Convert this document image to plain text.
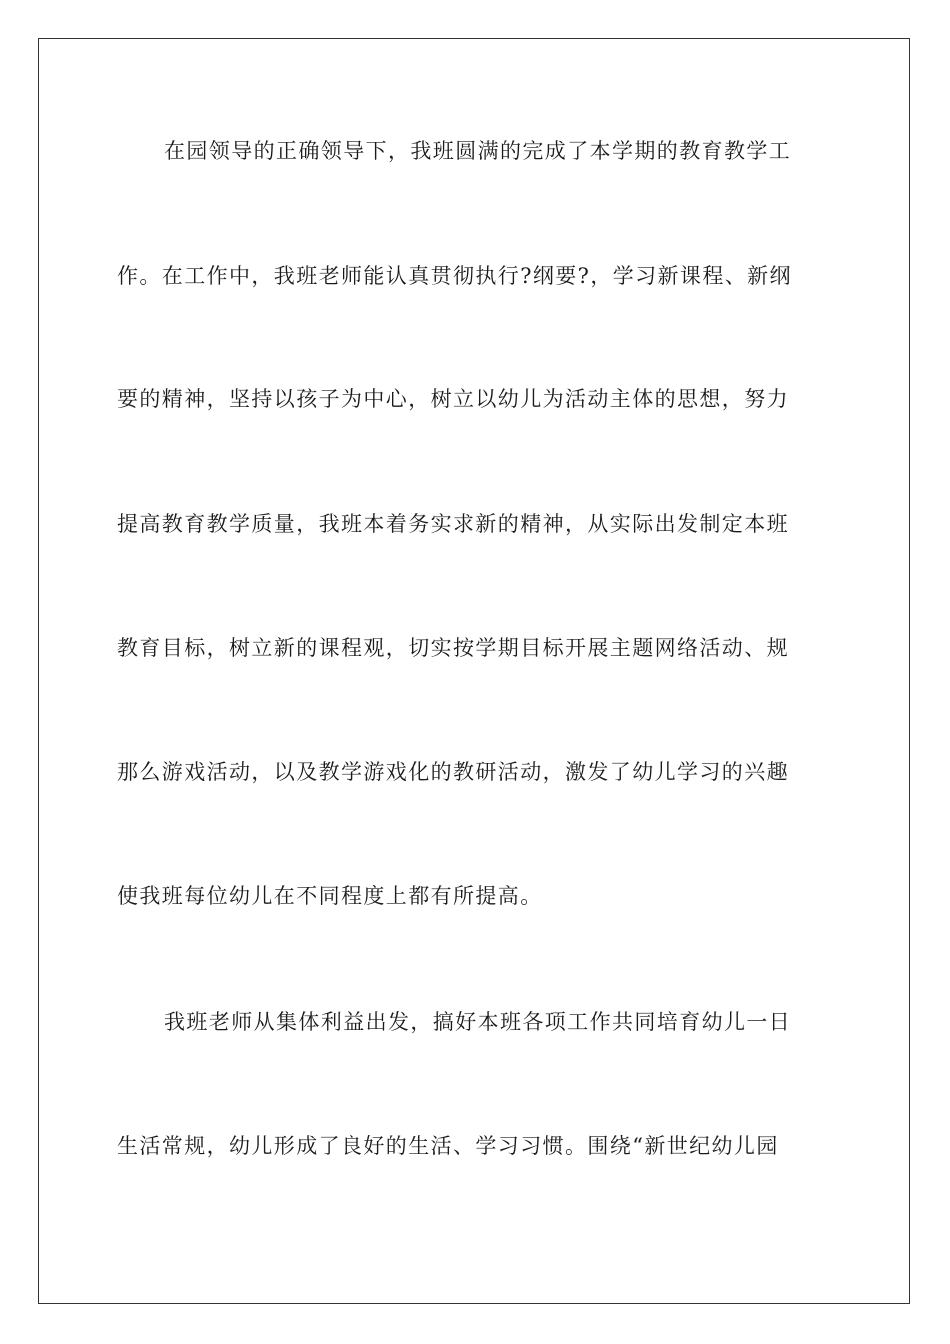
在园领导的正确领导下，我班圆满的完成了本学期的教育教学工
作。在工作中，我班老师能认真贯彻执行?纲要?，学习新课程、新纲
要的精神，坚持以孩子为中心，树立以幼儿为活动主体的思想，努力
提高教育教学质量，我班本着务实求新的精神，从实际出发制定本班
教育目标，树立新的课程观，切实按学期目标开展主题网络活动、规
那么游戏活动，以及教学游戏化的教研活动，激发了幼儿学习的兴趣
使我班每位幼儿在不同程度上都有所提高。
我班老师从集体利益出发，搞好本班各项工作共同培育幼儿一日
生活常规，幼儿形成了良好的生活、学习习惯。围绕“新世纪幼儿园
